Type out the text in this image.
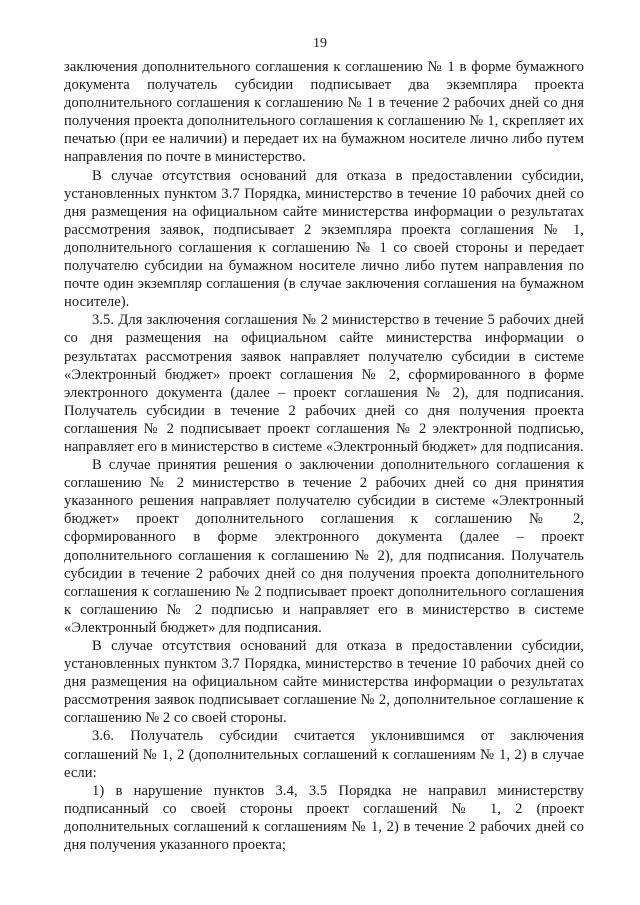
19

заключения дополнительного соглашения к соглашению № 1 в форме бумажного документа получатель субсидии подписывает два экземпляра проекта дополнительного соглашения к соглашению № 1 в течение 2 рабочих дней со дня получения проекта дополнительного соглашения к соглашению № 1, скрепляет их печатью (при ее наличии) и передает их на бумажном носителе лично либо путем направления по почте в министерство.

В случае отсутствия оснований для отказа в предоставлении субсидии, установленных пунктом 3.7 Порядка, министерство в течение 10 рабочих дней со дня размещения на официальном сайте министерства информации о результатах рассмотрения заявок, подписывает 2 экземпляра проекта соглашения № 1, дополнительного соглашения к соглашению № 1 со своей стороны и передает получателю субсидии на бумажном носителе лично либо путем направления по почте один экземпляр соглашения (в случае заключения соглашения на бумажном носителе).

3.5. Для заключения соглашения № 2 министерство в течение 5 рабочих дней со дня размещения на официальном сайте министерства информации о результатах рассмотрения заявок направляет получателю субсидии в системе «Электронный бюджет» проект соглашения № 2, сформированного в форме электронного документа (далее – проект соглашения № 2), для подписания. Получатель субсидии в течение 2 рабочих дней со дня получения проекта соглашения № 2 подписывает проект соглашения № 2 электронной подписью, направляет его в министерство в системе «Электронный бюджет» для подписания.

В случае принятия решения о заключении дополнительного соглашения к соглашению № 2 министерство в течение 2 рабочих дней со дня принятия указанного решения направляет получателю субсидии в системе «Электронный бюджет» проект дополнительного соглашения к соглашению № 2, сформированного в форме электронного документа (далее – проект дополнительного соглашения к соглашению № 2), для подписания. Получатель субсидии в течение 2 рабочих дней со дня получения проекта дополнительного соглашения к соглашению № 2 подписывает проект дополнительного соглашения к соглашению № 2 подписью и направляет его в министерство в системе «Электронный бюджет» для подписания.

В случае отсутствия оснований для отказа в предоставлении субсидии, установленных пунктом 3.7 Порядка, министерство в течение 10 рабочих дней со дня размещения на официальном сайте министерства информации о результатах рассмотрения заявок подписывает соглашение № 2, дополнительное соглашение к соглашению № 2 со своей стороны.

3.6. Получатель субсидии считается уклонившимся от заключения соглашений № 1, 2 (дополнительных соглашений к соглашениям № 1, 2) в случае если:

1) в нарушение пунктов 3.4, 3.5 Порядка не направил министерству подписанный со своей стороны проект соглашений № 1, 2 (проект дополнительных соглашений к соглашениям № 1, 2) в течение 2 рабочих дней со дня получения указанного проекта;
